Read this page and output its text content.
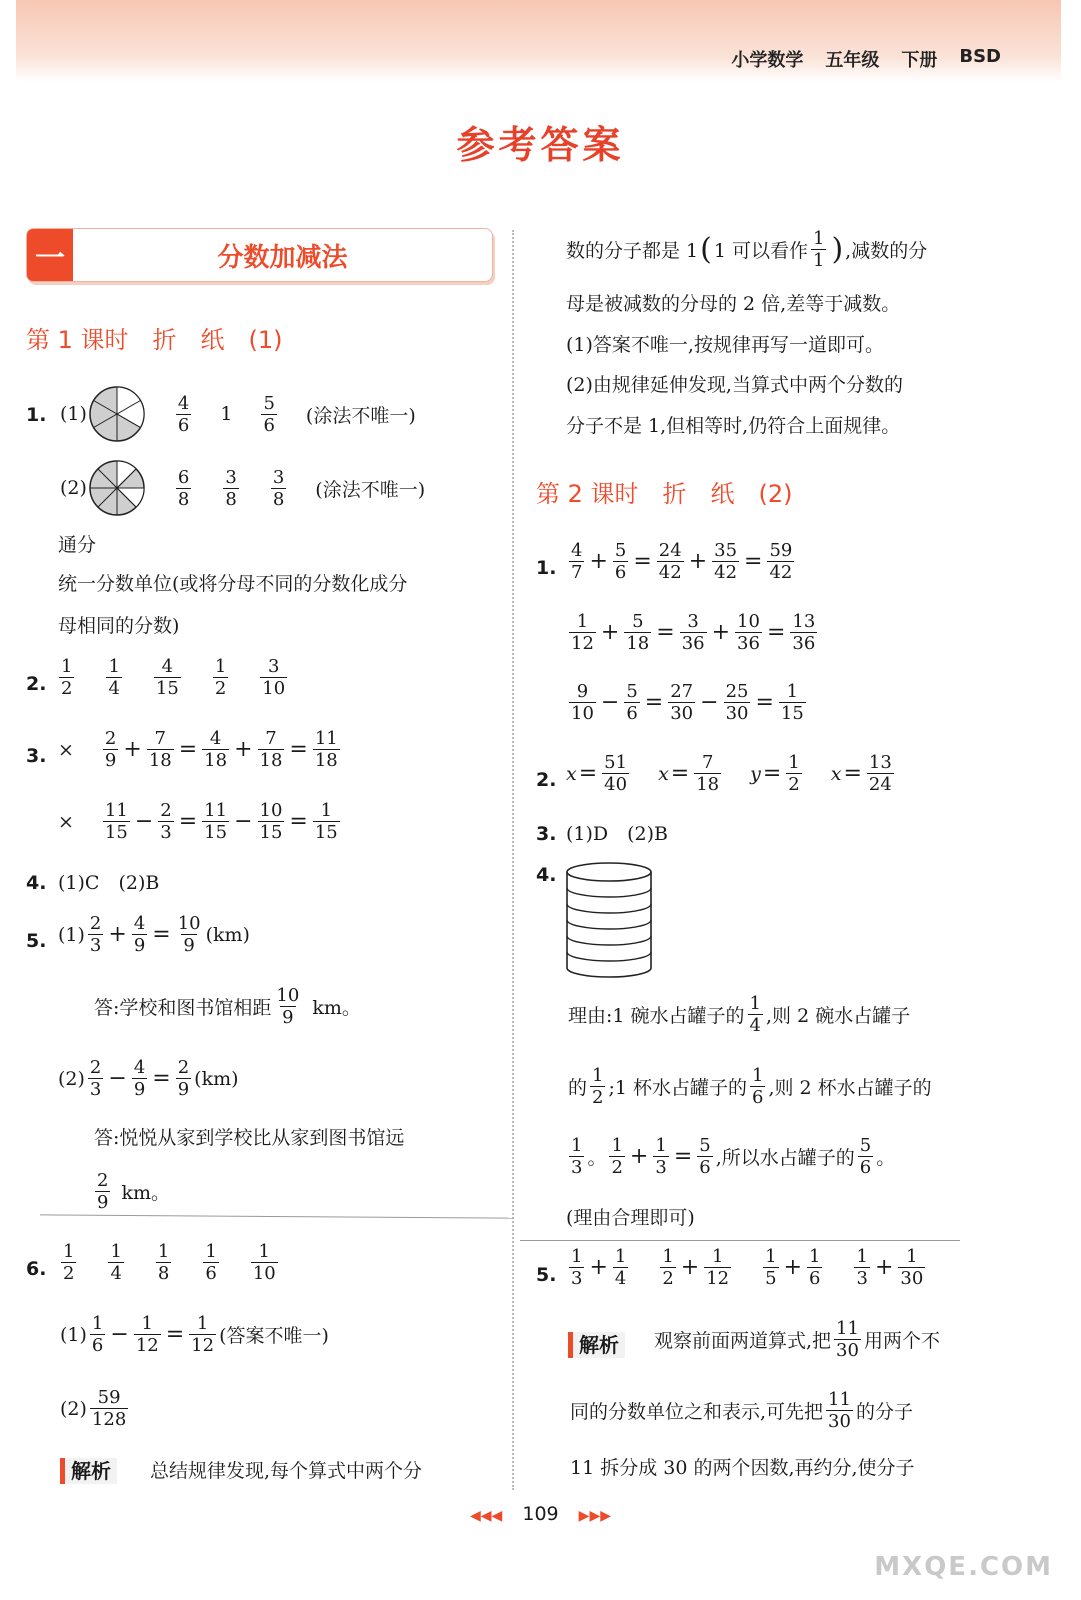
小学数学 五年级 下册 BSD
参考答案
一	分数加减法
第 1 课时　折　纸　(1)
1. (1)	$\frac{4}{6} 1 \frac{5}{6}$ (涂法不唯一)
(2)	$\frac{6}{8} \frac{3}{8} \frac{3}{8}$ (涂法不唯一)
通分
统一分数单位(或将分母不同的分数化成分
母相同的分数)
2. $\frac{1}{2} \frac{1}{4} \frac{4}{15} \frac{1}{2} \frac{3}{10}$
3. × $\frac{2}{9} + \frac{7}{18} = \frac{4}{18} + \frac{7}{18} = \frac{11}{18}$
× $\frac{11}{15} - \frac{2}{3} = \frac{11}{15} - \frac{10}{15} = \frac{1}{15}$
4. (1)C　(2)B
5. $(1) \frac{2}{3} + \frac{4}{9} = \frac{10}{9} (km)$
答:学校和图书馆相距 $\frac{10}{9}$ km。
$(2) \frac{2}{3} - \frac{4}{9} = \frac{2}{9} (km)$
答:悦悦从家到学校比从家到图书馆远
$\frac{2}{9}$ km。
6. $\frac{1}{2} \frac{1}{4} \frac{1}{8} \frac{1}{6} \frac{1}{10}$
$(1) \frac{1}{6} - \frac{1}{12} = \frac{1}{12}$ (答案不唯一)
$(2) \frac{59}{128}$
解析	总结规律发现,每个算式中两个分
数的分子都是 1 ( 1 可以看作 $\frac{1}{1}$ ) ,减数的分
母是被减数的分母的 2 倍,差等于减数。
(1)答案不唯一,按规律再写一道即可。
(2)由规律延伸发现,当算式中两个分数的
分子不是 1,但相等时,仍符合上面规律。
第 2 课时　折　纸　(2)
1. $\frac{4}{7} + \frac{5}{6} = \frac{24}{42} + \frac{35}{42} = \frac{59}{42}$
$\frac{1}{12} + \frac{5}{18} = \frac{3}{36} + \frac{10}{36} = \frac{13}{36}$
$\frac{9}{10} - \frac{5}{6} = \frac{27}{30} - \frac{25}{30} = \frac{1}{15}$
2. $x = \frac{51}{40}$ $x = \frac{7}{18}$ $y = \frac{1}{2}$ $x = \frac{13}{24}$
3. (1)D　(2)B
4.
理由:1 碗水占罐子的 $\frac{1}{4}$ ,则 2 碗水占罐子
的 $\frac{1}{2}$ ;1 杯水占罐子的 $\frac{1}{6}$ ,则 2 杯水占罐子的
$\frac{1}{3}$ 。 $\frac{1}{2} + \frac{1}{3} = \frac{5}{6}$ ,所以水占罐子的 $\frac{5}{6}$ 。
(理由合理即可)
5. $\frac{1}{3} + \frac{1}{4} \frac{1}{2} + \frac{1}{12} \frac{1}{5} + \frac{1}{6} \frac{1}{3} + \frac{1}{30}$
解析	观察前面两道算式,把 $\frac{11}{30}$ 用两个不
同的分数单位之和表示,可先把 $\frac{11}{30}$ 的分子
11 拆分成 30 的两个因数,再约分,使分子
◀◀◀ 109 ▶▶▶
MXQE.COM
